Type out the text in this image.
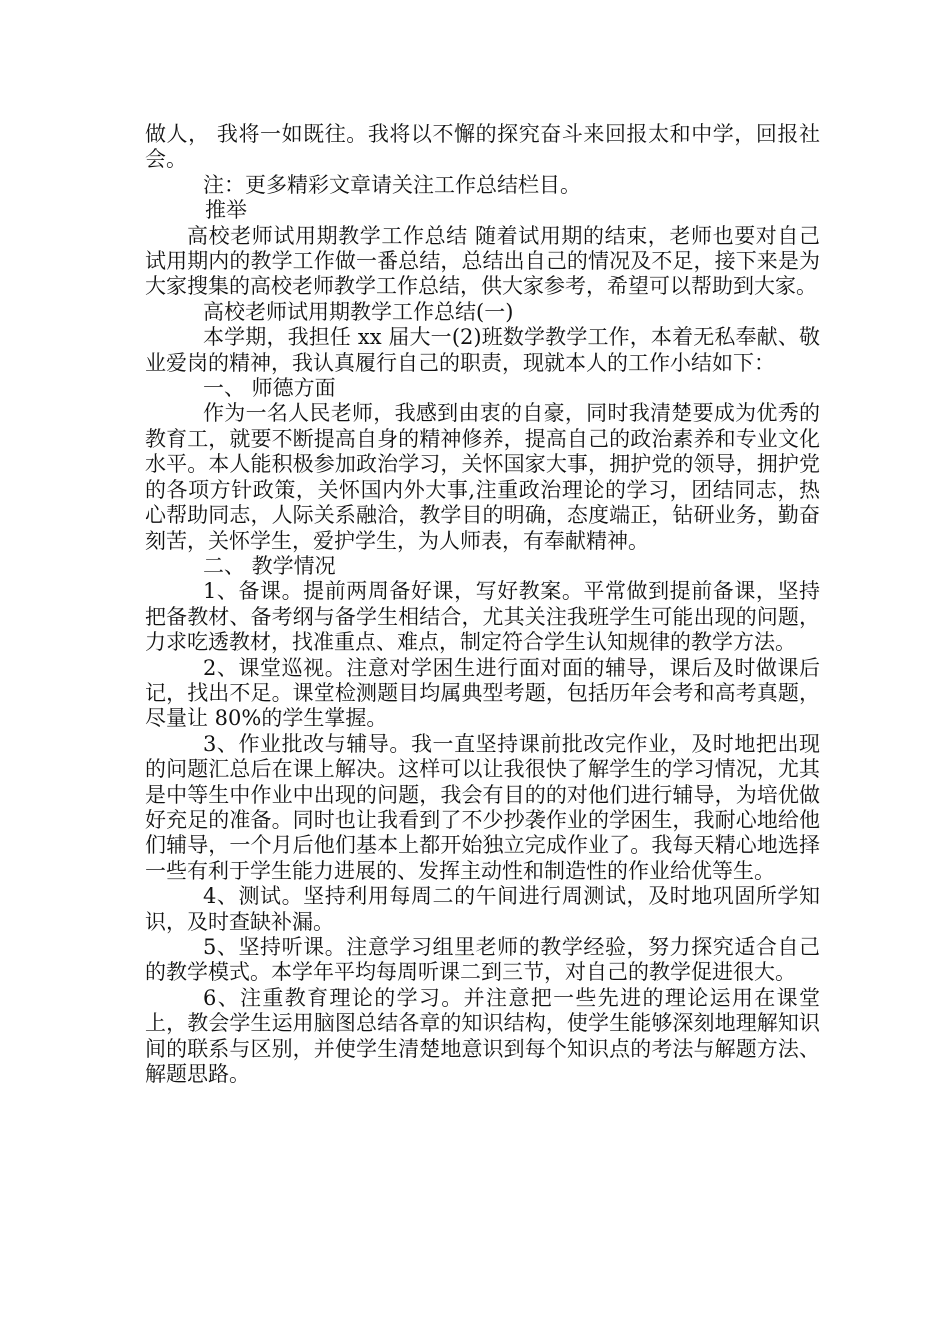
做人， 我将一如既往。我将以不懈的探究奋斗来回报太和中学，回报社会。

注：更多精彩文章请关注工作总结栏目。

推举

高校老师试用期教学工作总结 随着试用期的结束，老师也要对自己试用期内的教学工作做一番总结，总结出自己的情况及不足，接下来是为大家搜集的高校老师教学工作总结，供大家参考，希望可以帮助到大家。

高校老师试用期教学工作总结(一)

本学期，我担任 xx 届大一(2)班数学教学工作，本着无私奉献、敬业爱岗的精神，我认真履行自己的职责，现就本人的工作小结如下：

一、 师德方面

作为一名人民老师，我感到由衷的自豪，同时我清楚要成为优秀的教育工，就要不断提高自身的精神修养，提高自己的政治素养和专业文化水平。本人能积极参加政治学习，关怀国家大事，拥护党的领导，拥护党的各项方针政策，关怀国内外大事,注重政治理论的学习，团结同志，热心帮助同志，人际关系融洽，教学目的明确，态度端正，钻研业务，勤奋刻苦，关怀学生，爱护学生，为人师表，有奉献精神。

二、 教学情况

1、备课。提前两周备好课，写好教案。平常做到提前备课，坚持把备教材、备考纲与备学生相结合，尤其关注我班学生可能出现的问题，力求吃透教材，找准重点、难点，制定符合学生认知规律的教学方法。

2、课堂巡视。注意对学困生进行面对面的辅导，课后及时做课后记，找出不足。课堂检测题目均属典型考题，包括历年会考和高考真题，尽量让 80%的学生掌握。

3、作业批改与辅导。我一直坚持课前批改完作业，及时地把出现的问题汇总后在课上解决。这样可以让我很快了解学生的学习情况，尤其是中等生中作业中出现的问题，我会有目的的对他们进行辅导，为培优做好充足的准备。同时也让我看到了不少抄袭作业的学困生，我耐心地给他们辅导，一个月后他们基本上都开始独立完成作业了。我每天精心地选择一些有利于学生能力进展的、发挥主动性和制造性的作业给优等生。

4、测试。坚持利用每周二的午间进行周测试，及时地巩固所学知识，及时查缺补漏。

5、坚持听课。注意学习组里老师的教学经验，努力探究适合自己的教学模式。本学年平均每周听课二到三节，对自己的教学促进很大。

6、注重教育理论的学习。并注意把一些先进的理论运用在课堂上，教会学生运用脑图总结各章的知识结构，使学生能够深刻地理解知识间的联系与区别，并使学生清楚地意识到每个知识点的考法与解题方法、解题思路。
